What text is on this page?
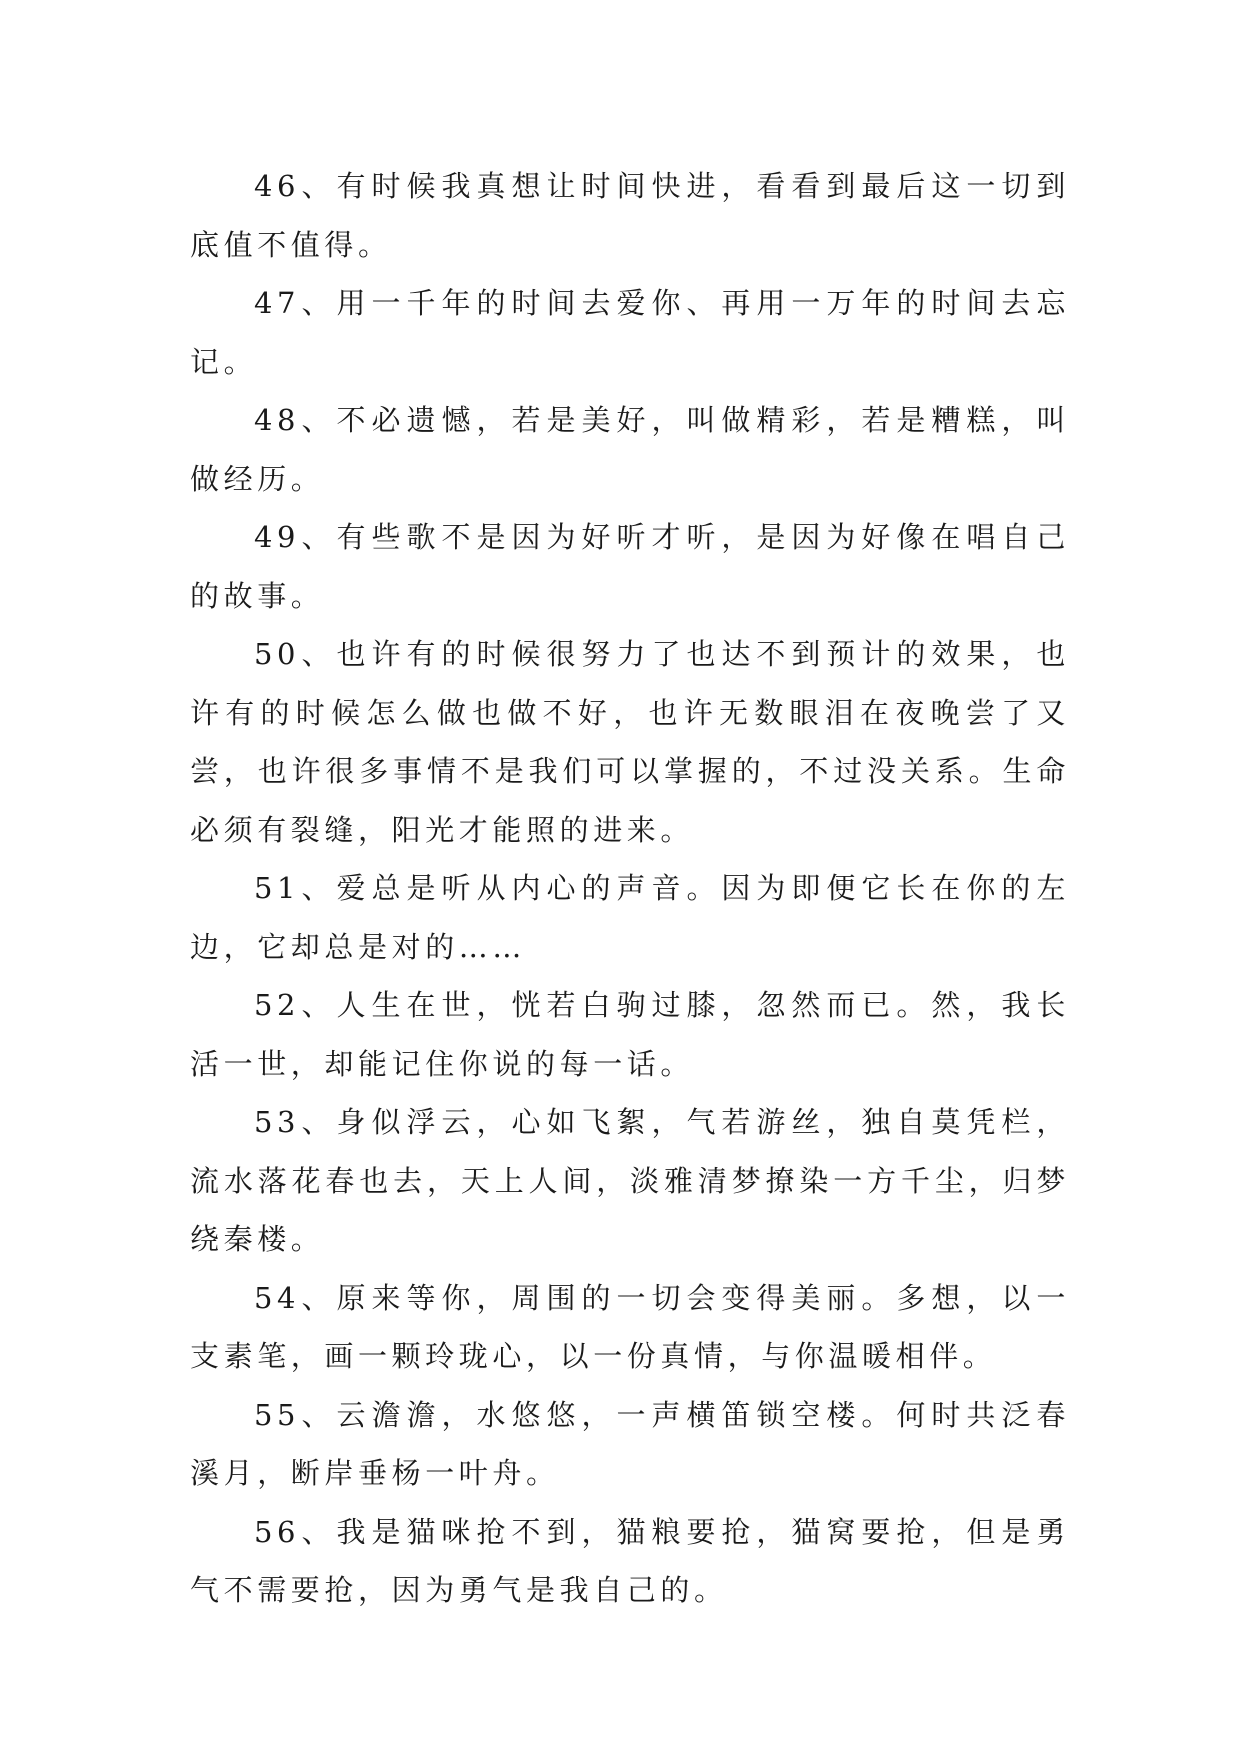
46、有时候我真想让时间快进，看看到最后这一切到底值不值得。

47、用一千年的时间去爱你、再用一万年的时间去忘记。

48、不必遗憾，若是美好，叫做精彩，若是糟糕，叫做经历。

49、有些歌不是因为好听才听，是因为好像在唱自己的故事。

50、也许有的时候很努力了也达不到预计的效果，也许有的时候怎么做也做不好，也许无数眼泪在夜晚尝了又尝，也许很多事情不是我们可以掌握的，不过没关系。生命必须有裂缝，阳光才能照的进来。

51、爱总是听从内心的声音。因为即便它长在你的左边，它却总是对的……

52、人生在世，恍若白驹过膝，忽然而已。然，我长活一世，却能记住你说的每一话。

53、身似浮云，心如飞絮，气若游丝，独自莫凭栏，流水落花春也去，天上人间，淡雅清梦撩染一方千尘，归梦绕秦楼。

54、原来等你，周围的一切会变得美丽。多想，以一支素笔，画一颗玲珑心，以一份真情，与你温暖相伴。

55、云澹澹，水悠悠，一声横笛锁空楼。何时共泛春溪月，断岸垂杨一叶舟。

56、我是猫咪抢不到，猫粮要抢，猫窝要抢，但是勇气不需要抢，因为勇气是我自己的。
